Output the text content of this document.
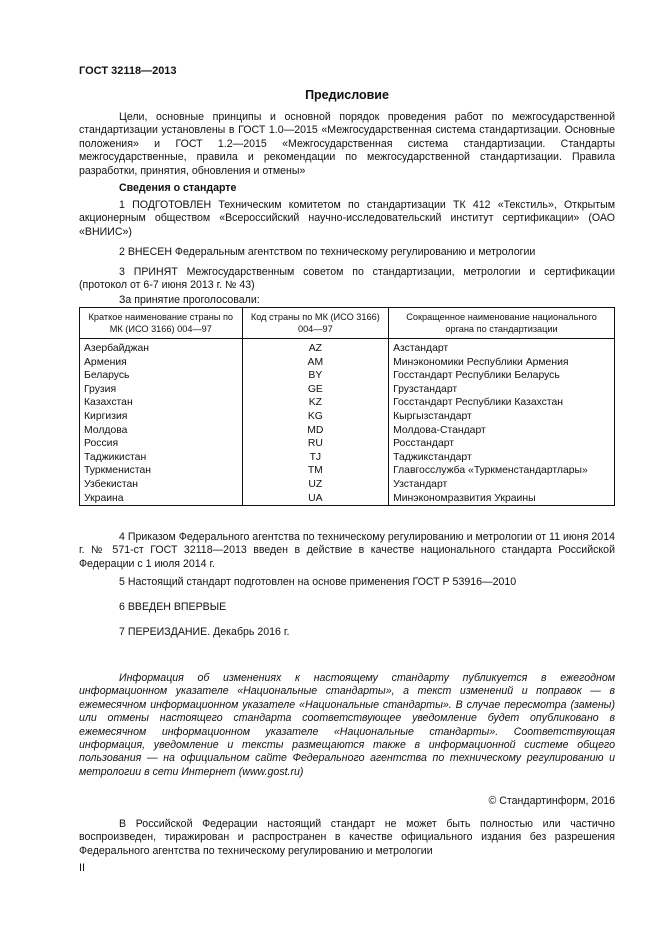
ГОСТ 32118—2013
Предисловие
Цели, основные принципы и основной порядок проведения работ по межгосударственной стандартизации установлены в ГОСТ 1.0—2015 «Межгосударственная система стандартизации. Основные положения» и ГОСТ 1.2—2015 «Межгосударственная система стандартизации. Стандарты межгосударственные, правила и рекомендации по межгосударственной стандартизации. Правила разработки, принятия, обновления и отмены»
Сведения о стандарте
1 ПОДГОТОВЛЕН Техническим комитетом по стандартизации ТК 412 «Текстиль», Открытым акционерным обществом «Всероссийский научно-исследовательский институт сертификации» (ОАО «ВНИИС»)
2 ВНЕСЕН Федеральным агентством по техническому регулированию и метрологии
3 ПРИНЯТ Межгосударственным советом по стандартизации, метрологии и сертификации (протокол от 6-7 июня 2013 г. № 43)
За принятие проголосовали:
Краткое наименование страны по МК (ИСО 3166) 004—97	Код страны по МК (ИСО 3166) 004—97	Сокращенное наименование национального органа по стандартизации
Азербайджан	AZ	Азстандарт
Армения	AM	Минэкономики Республики Армения
Беларусь	BY	Госстандарт Республики Беларусь
Грузия	GE	Грузстандарт
Казахстан	KZ	Госстандарт Республики Казахстан
Киргизия	KG	Кыргызстандарт
Молдова	MD	Молдова-Стандарт
Россия	RU	Росстандарт
Таджикистан	TJ	Таджикстандарт
Туркменистан	TM	Главгосслужба «Туркменстандартлары»
Узбекистан	UZ	Узстандарт
Украина	UA	Минэкономразвития Украины
4 Приказом Федерального агентства по техническому регулированию и метрологии от 11 июня 2014 г. № 571-ст ГОСТ 32118—2013 введен в действие в качестве национального стандарта Российской Федерации с 1 июля 2014 г.
5 Настоящий стандарт подготовлен на основе применения ГОСТ Р 53916—2010
6 ВВЕДЕН ВПЕРВЫЕ
7 ПЕРЕИЗДАНИЕ. Декабрь 2016 г.
Информация об изменениях к настоящему стандарту публикуется в ежегодном информационном указателе «Национальные стандарты», а текст изменений и поправок — в ежемесячном информационном указателе «Национальные стандарты». В случае пересмотра (замены) или отмены настоящего стандарта соответствующее уведомление будет опубликовано в ежемесячном информационном указателе «Национальные стандарты». Соответствующая информация, уведомление и тексты размещаются также в информационной системе общего пользования — на официальном сайте Федерального агентства по техническому регулированию и метрологии в сети Интернет (www.gost.ru)
© Стандартинформ, 2016
В Российской Федерации настоящий стандарт не может быть полностью или частично воспроизведен, тиражирован и распространен в качестве официального издания без разрешения Федерального агентства по техническому регулированию и метрологии
II
